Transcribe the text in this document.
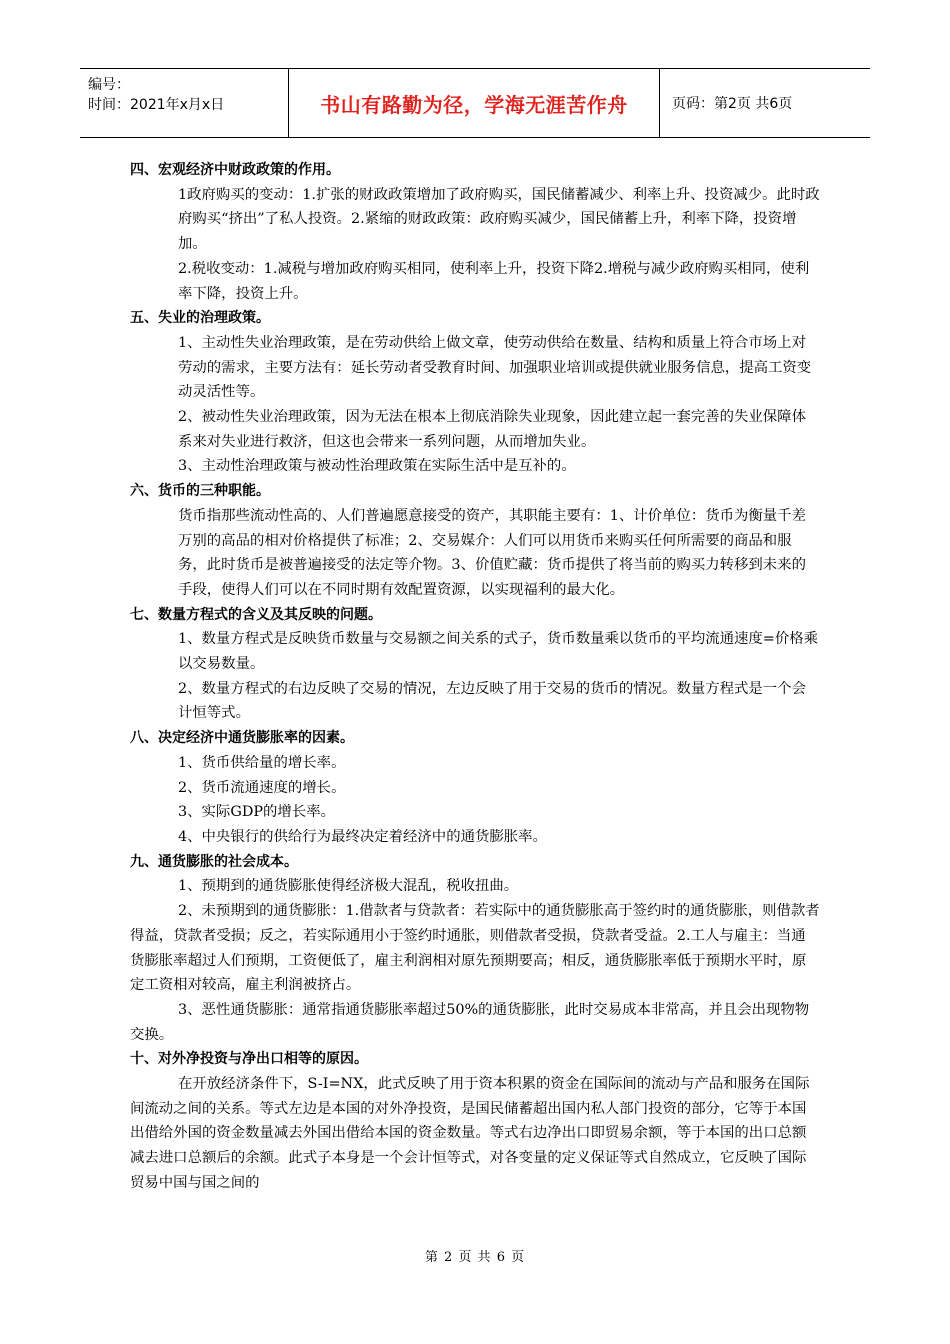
编号：
时间：2021年x月x日	书山有路勤为径，学海无涯苦作舟	页码：第2页 共6页
四、宏观经济中财政政策的作用。
1政府购买的变动：1.扩张的财政政策增加了政府购买，国民储蓄减少、利率上升、投资减少。此时政府购买“挤出”了私人投资。2.紧缩的财政政策：政府购买减少，国民储蓄上升，利率下降，投资增加。
2.税收变动：1.减税与增加政府购买相同，使利率上升，投资下降2.增税与减少政府购买相同，使利率下降，投资上升。
五、失业的治理政策。
1、主动性失业治理政策，是在劳动供给上做文章，使劳动供给在数量、结构和质量上符合市场上对劳动的需求，主要方法有：延长劳动者受教育时间、加强职业培训或提供就业服务信息，提高工资变动灵活性等。
2、被动性失业治理政策，因为无法在根本上彻底消除失业现象，因此建立起一套完善的失业保障体系来对失业进行救济，但这也会带来一系列问题，从而增加失业。
3、主动性治理政策与被动性治理政策在实际生活中是互补的。
六、货币的三种职能。
货币指那些流动性高的、人们普遍愿意接受的资产，其职能主要有：1、计价单位：货币为衡量千差万别的高品的相对价格提供了标准；2、交易媒介：人们可以用货币来购买任何所需要的商品和服务，此时货币是被普遍接受的法定等介物。3、价值贮藏：货币提供了将当前的购买力转移到未来的手段，使得人们可以在不同时期有效配置资源，以实现福利的最大化。
七、数量方程式的含义及其反映的问题。
1、数量方程式是反映货币数量与交易额之间关系的式子，货币数量乘以货币的平均流通速度=价格乘以交易数量。
2、数量方程式的右边反映了交易的情况，左边反映了用于交易的货币的情况。数量方程式是一个会计恒等式。
八、决定经济中通货膨胀率的因素。
1、货币供给量的增长率。
2、货币流通速度的增长。
3、实际GDP的增长率。
4、中央银行的供给行为最终决定着经济中的通货膨胀率。
九、通货膨胀的社会成本。
1、预期到的通货膨胀使得经济极大混乱，税收扭曲。
2、未预期到的通货膨胀：1.借款者与贷款者：若实际中的通货膨胀高于签约时的通货膨胀，则借款者得益，贷款者受损；反之，若实际通用小于签约时通胀，则借款者受损，贷款者受益。2.工人与雇主：当通货膨胀率超过人们预期，工资便低了，雇主利润相对原先预期要高；相反，通货膨胀率低于预期水平时，原定工资相对较高，雇主利润被挤占。
3、恶性通货膨胀：通常指通货膨胀率超过50%的通货膨胀，此时交易成本非常高，并且会出现物物交换。
十、对外净投资与净出口相等的原因。
在开放经济条件下，S-I=NX，此式反映了用于资本积累的资金在国际间的流动与产品和服务在国际间流动之间的关系。等式左边是本国的对外净投资，是国民储蓄超出国内私人部门投资的部分，它等于本国出借给外国的资金数量减去外国出借给本国的资金数量。等式右边净出口即贸易余额，等于本国的出口总额减去进口总额后的余额。此式子本身是一个会计恒等式，对各变量的定义保证等式自然成立，它反映了国际贸易中国与国之间的
第 2 页 共 6 页
